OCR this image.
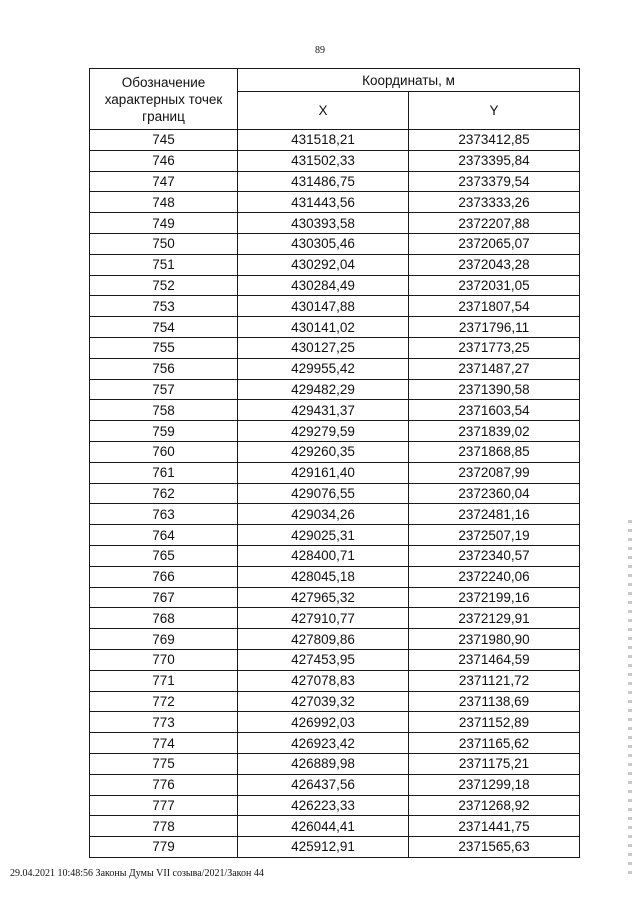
89
Обозначение характерных точек границ	Координаты, м	
	X	Y
745	431518,21	2373412,85
746	431502,33	2373395,84
747	431486,75	2373379,54
748	431443,56	2373333,26
749	430393,58	2372207,88
750	430305,46	2372065,07
751	430292,04	2372043,28
752	430284,49	2372031,05
753	430147,88	2371807,54
754	430141,02	2371796,11
755	430127,25	2371773,25
756	429955,42	2371487,27
757	429482,29	2371390,58
758	429431,37	2371603,54
759	429279,59	2371839,02
760	429260,35	2371868,85
761	429161,40	2372087,99
762	429076,55	2372360,04
763	429034,26	2372481,16
764	429025,31	2372507,19
765	428400,71	2372340,57
766	428045,18	2372240,06
767	427965,32	2372199,16
768	427910,77	2372129,91
769	427809,86	2371980,90
770	427453,95	2371464,59
771	427078,83	2371121,72
772	427039,32	2371138,69
773	426992,03	2371152,89
774	426923,42	2371165,62
775	426889,98	2371175,21
776	426437,56	2371299,18
777	426223,33	2371268,92
778	426044,41	2371441,75
779	425912,91	2371565,63
29.04.2021 10:48:56 Законы Думы VII созыва/2021/Закон 44
